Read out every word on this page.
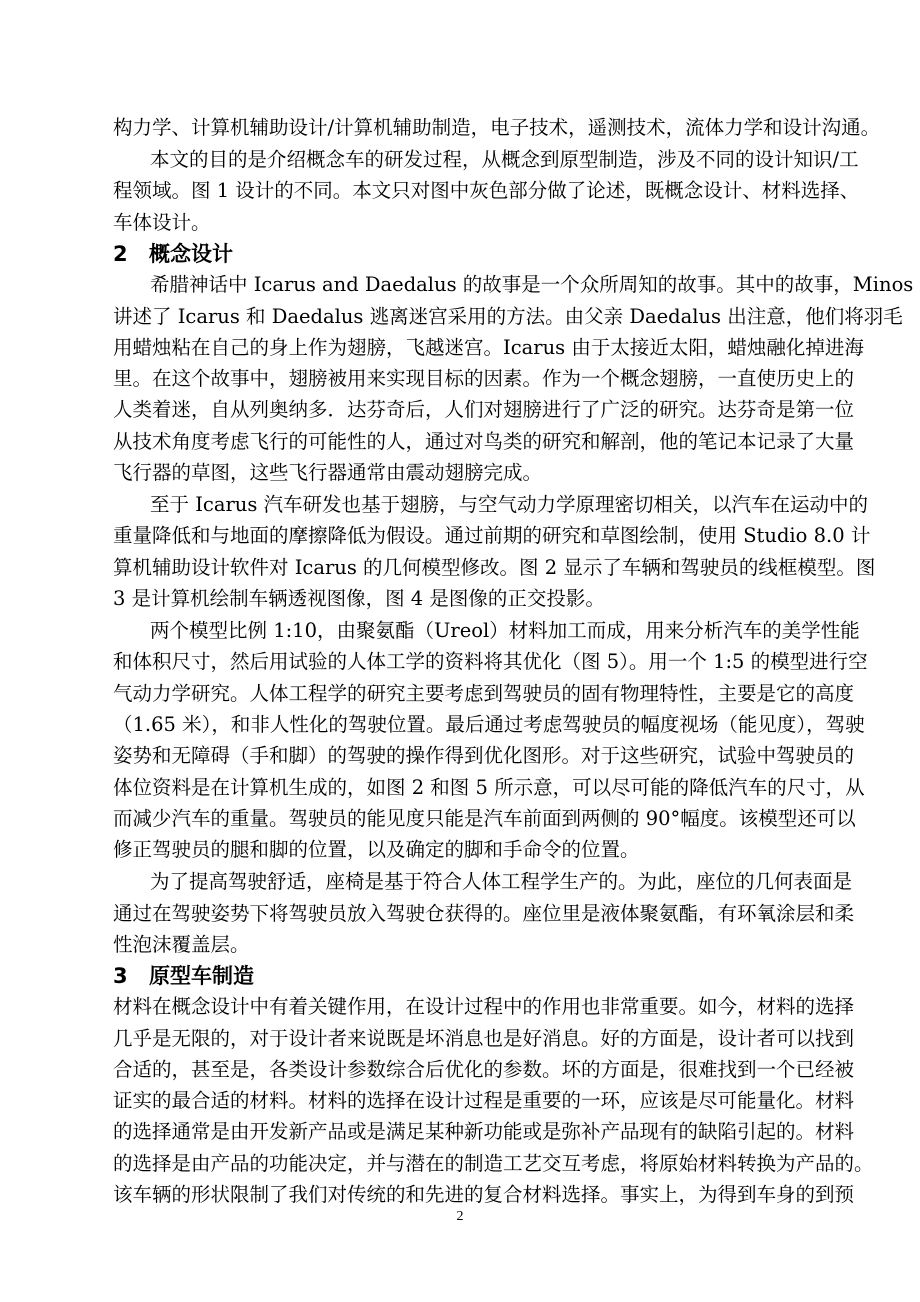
构力学、计算机辅助设计/计算机辅助制造，电子技术，遥测技术，流体力学和设计沟通。
本文的目的是介绍概念车的研发过程，从概念到原型制造，涉及不同的设计知识/工
程领域。图 1 设计的不同。本文只对图中灰色部分做了论述，既概念设计、材料选择、
车体设计。
2 概念设计
希腊神话中 Icarus and Daedalus 的故事是一个众所周知的故事。其中的故事，Minos
讲述了 Icarus 和 Daedalus 逃离迷宫采用的方法。由父亲 Daedalus 出注意，他们将羽毛
用蜡烛粘在自己的身上作为翅膀，飞越迷宫。Icarus 由于太接近太阳，蜡烛融化掉进海
里。在这个故事中，翅膀被用来实现目标的因素。作为一个概念翅膀，一直使历史上的
人类着迷，自从列奥纳多．达芬奇后，人们对翅膀进行了广泛的研究。达芬奇是第一位
从技术角度考虑飞行的可能性的人，通过对鸟类的研究和解剖，他的笔记本记录了大量
飞行器的草图，这些飞行器通常由震动翅膀完成。
至于 Icarus 汽车研发也基于翅膀，与空气动力学原理密切相关，以汽车在运动中的
重量降低和与地面的摩擦降低为假设。通过前期的研究和草图绘制，使用 Studio 8.0 计
算机辅助设计软件对 Icarus 的几何模型修改。图 2 显示了车辆和驾驶员的线框模型。图
3 是计算机绘制车辆透视图像，图 4 是图像的正交投影。
两个模型比例 1:10，由聚氨酯（Ureol）材料加工而成，用来分析汽车的美学性能
和体积尺寸，然后用试验的人体工学的资料将其优化（图 5）。用一个 1:5 的模型进行空
气动力学研究。人体工程学的研究主要考虑到驾驶员的固有物理特性，主要是它的高度
（1.65 米），和非人性化的驾驶位置。最后通过考虑驾驶员的幅度视场（能见度），驾驶
姿势和无障碍（手和脚）的驾驶的操作得到优化图形。对于这些研究，试验中驾驶员的
体位资料是在计算机生成的，如图 2 和图 5 所示意，可以尽可能的降低汽车的尺寸，从
而减少汽车的重量。驾驶员的能见度只能是汽车前面到两侧的 90°幅度。该模型还可以
修正驾驶员的腿和脚的位置，以及确定的脚和手命令的位置。
为了提高驾驶舒适，座椅是基于符合人体工程学生产的。为此，座位的几何表面是
通过在驾驶姿势下将驾驶员放入驾驶仓获得的。座位里是液体聚氨酯，有环氧涂层和柔
性泡沫覆盖层。
3 原型车制造
材料在概念设计中有着关键作用，在设计过程中的作用也非常重要。如今，材料的选择
几乎是无限的，对于设计者来说既是坏消息也是好消息。好的方面是，设计者可以找到
合适的，甚至是，各类设计参数综合后优化的参数。坏的方面是，很难找到一个已经被
证实的最合适的材料。材料的选择在设计过程是重要的一环，应该是尽可能量化。材料
的选择通常是由开发新产品或是满足某种新功能或是弥补产品现有的缺陷引起的。材料
的选择是由产品的功能决定，并与潜在的制造工艺交互考虑，将原始材料转换为产品的。
该车辆的形状限制了我们对传统的和先进的复合材料选择。事实上，为得到车身的到预
2
